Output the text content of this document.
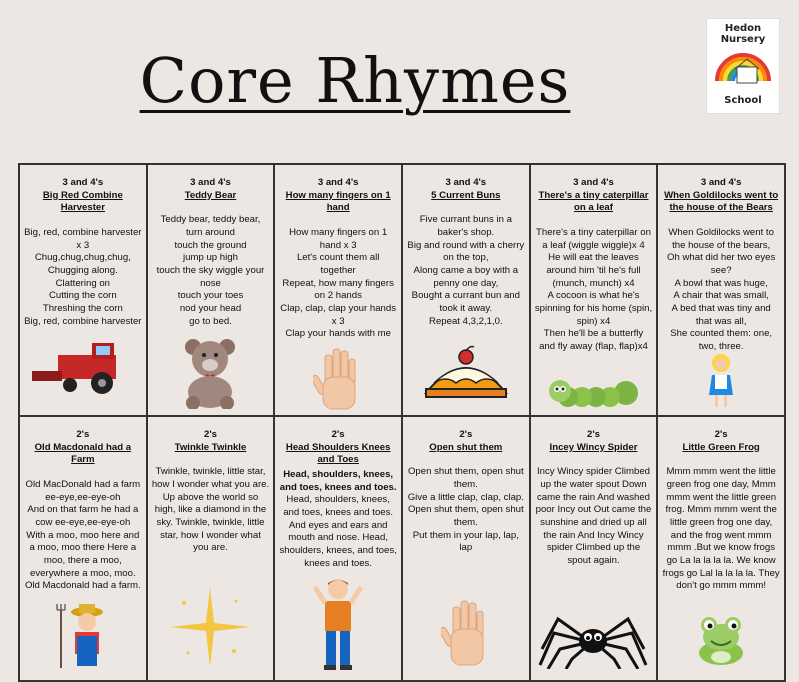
Core Rhymes
Hedon Nursery
School
3 and 4's
Big Red Combine Harvester
Big, red, combine harvester x 3
Chug,chug,chug,chug,
Chugging along.
Clattering on
Cutting the corn
Threshing the corn
Big, red, combine harvester
3 and 4's
Teddy Bear
Teddy bear, teddy bear,
turn around
touch the ground
jump up high
touch the sky wiggle your nose
touch your toes
nod your head
go to bed.
3 and 4's
How many fingers on 1 hand
How many fingers on 1 hand x 3
Let's count them all together
Repeat, how many fingers on 2 hands
Clap, clap, clap your hands x 3
Clap your hands with me
3 and 4's
5 Current Buns
Five currant buns in a baker's shop.
Big and round with a cherry on the top,
Along came a boy with a penny one day,
Bought a currant bun and took it away.
Repeat 4,3,2,1,0.
3 and 4's
There's a tiny caterpillar on a leaf
There's a tiny caterpillar on a leaf (wiggle wiggle)x 4
He will eat the leaves around him 'til he's full (munch, munch) x4
A cocoon is what he's spinning for his home (spin, spin) x4
Then he'll be a butterfly and fly away (flap, flap)x4
3 and 4's
When Goldilocks went to the house of the Bears
When Goldilocks went to the house of the bears,
Oh what did her two eyes see?
A bowl that was huge,
A chair that was small,
A bed that was tiny and that was all,
She counted them: one, two, three.
2's
Old Macdonald had a Farm
Old MacDonald had a farm ee-eye,ee-eye-oh
And on that farm he had a cow ee-eye,ee-eye-oh
With a moo, moo here and a moo, moo there Here a moo, there a moo, everywhere a moo, moo. Old Macdonald had a farm.
2's
Twinkle Twinkle
Twinkle, twinkle, little star, how I wonder what you are. Up above the world so high, like a diamond in the sky. Twinkle, twinkle, little star, how I wonder what you are.
2's
Head Shoulders Knees and Toes
Head, shoulders, knees, and toes, knees and toes.
Head, shoulders, knees, and toes, knees and toes. And eyes and ears and mouth and nose. Head, shoulders, knees, and toes, knees and toes.
2's
Open shut them
Open shut them, open shut them.
Give a little clap, clap, clap.
Open shut them, open shut them.
Put them in your lap, lap, lap
2's
Incey Wincy Spider
Incy Wincy spider Climbed up the water spout Down came the rain And washed poor Incy out Out came the sunshine and dried up all the rain And Incy Wincy spider Climbed up the spout again.
2's
Little Green Frog
Mmm mmm went the little green frog one day, Mmm mmm went the little green frog. Mmm mmm went the little green frog one day, and the frog went mmm mmm .But we know frogs go La la la la la. We know frogs go Lal la la la la. They don't go mmm mmm!
